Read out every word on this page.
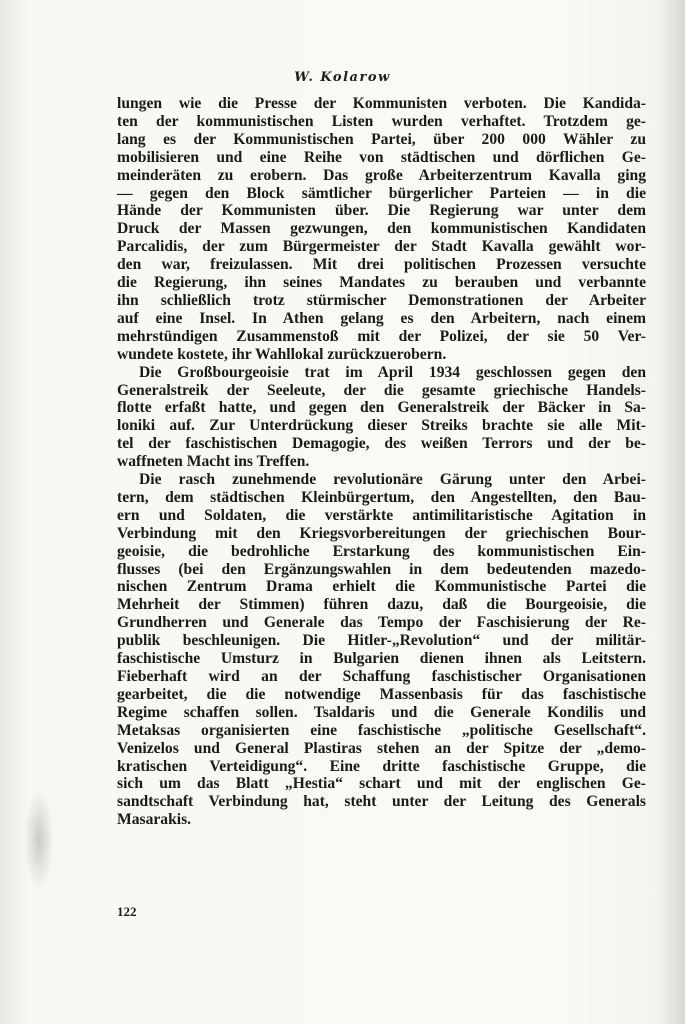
W. Kolarow
lungen wie die Presse der Kommunisten verboten. Die Kandida-
ten der kommunistischen Listen wurden verhaftet. Trotzdem ge-
lang es der Kommunistischen Partei, über 200 000 Wähler zu
mobilisieren und eine Reihe von städtischen und dörflichen Ge-
meinderäten zu erobern. Das große Arbeiterzentrum Kavalla ging
— gegen den Block sämtlicher bürgerlicher Parteien — in die
Hände der Kommunisten über. Die Regierung war unter dem
Druck der Massen gezwungen, den kommunistischen Kandidaten
Parcalidis, der zum Bürgermeister der Stadt Kavalla gewählt wor-
den war, freizulassen. Mit drei politischen Prozessen versuchte
die Regierung, ihn seines Mandates zu berauben und verbannte
ihn schließlich trotz stürmischer Demonstrationen der Arbeiter
auf eine Insel. In Athen gelang es den Arbeitern, nach einem
mehrstündigen Zusammenstoß mit der Polizei, der sie 50 Ver-
wundete kostete, ihr Wahllokal zurückzuerobern.
Die Großbourgeoisie trat im April 1934 geschlossen gegen den
Generalstreik der Seeleute, der die gesamte griechische Handels-
flotte erfaßt hatte, und gegen den Generalstreik der Bäcker in Sa-
loniki auf. Zur Unterdrückung dieser Streiks brachte sie alle Mit-
tel der faschistischen Demagogie, des weißen Terrors und der be-
waffneten Macht ins Treffen.
Die rasch zunehmende revolutionäre Gärung unter den Arbei-
tern, dem städtischen Kleinbürgertum, den Angestellten, den Bau-
ern und Soldaten, die verstärkte antimilitaristische Agitation in
Verbindung mit den Kriegsvorbereitungen der griechischen Bour-
geoisie, die bedrohliche Erstarkung des kommunistischen Ein-
flusses (bei den Ergänzungswahlen in dem bedeutenden mazedo-
nischen Zentrum Drama erhielt die Kommunistische Partei die
Mehrheit der Stimmen) führen dazu, daß die Bourgeoisie, die
Grundherren und Generale das Tempo der Faschisierung der Re-
publik beschleunigen. Die Hitler-„Revolution“ und der militär-
faschistische Umsturz in Bulgarien dienen ihnen als Leitstern.
Fieberhaft wird an der Schaffung faschistischer Organisationen
gearbeitet, die die notwendige Massenbasis für das faschistische
Regime schaffen sollen. Tsaldaris und die Generale Kondilis und
Metaksas organisierten eine faschistische „politische Gesellschaft“.
Venizelos und General Plastiras stehen an der Spitze der „demo-
kratischen Verteidigung“. Eine dritte faschistische Gruppe, die
sich um das Blatt „Hestia“ schart und mit der englischen Ge-
sandtschaft Verbindung hat, steht unter der Leitung des Generals
Masarakis.
122
